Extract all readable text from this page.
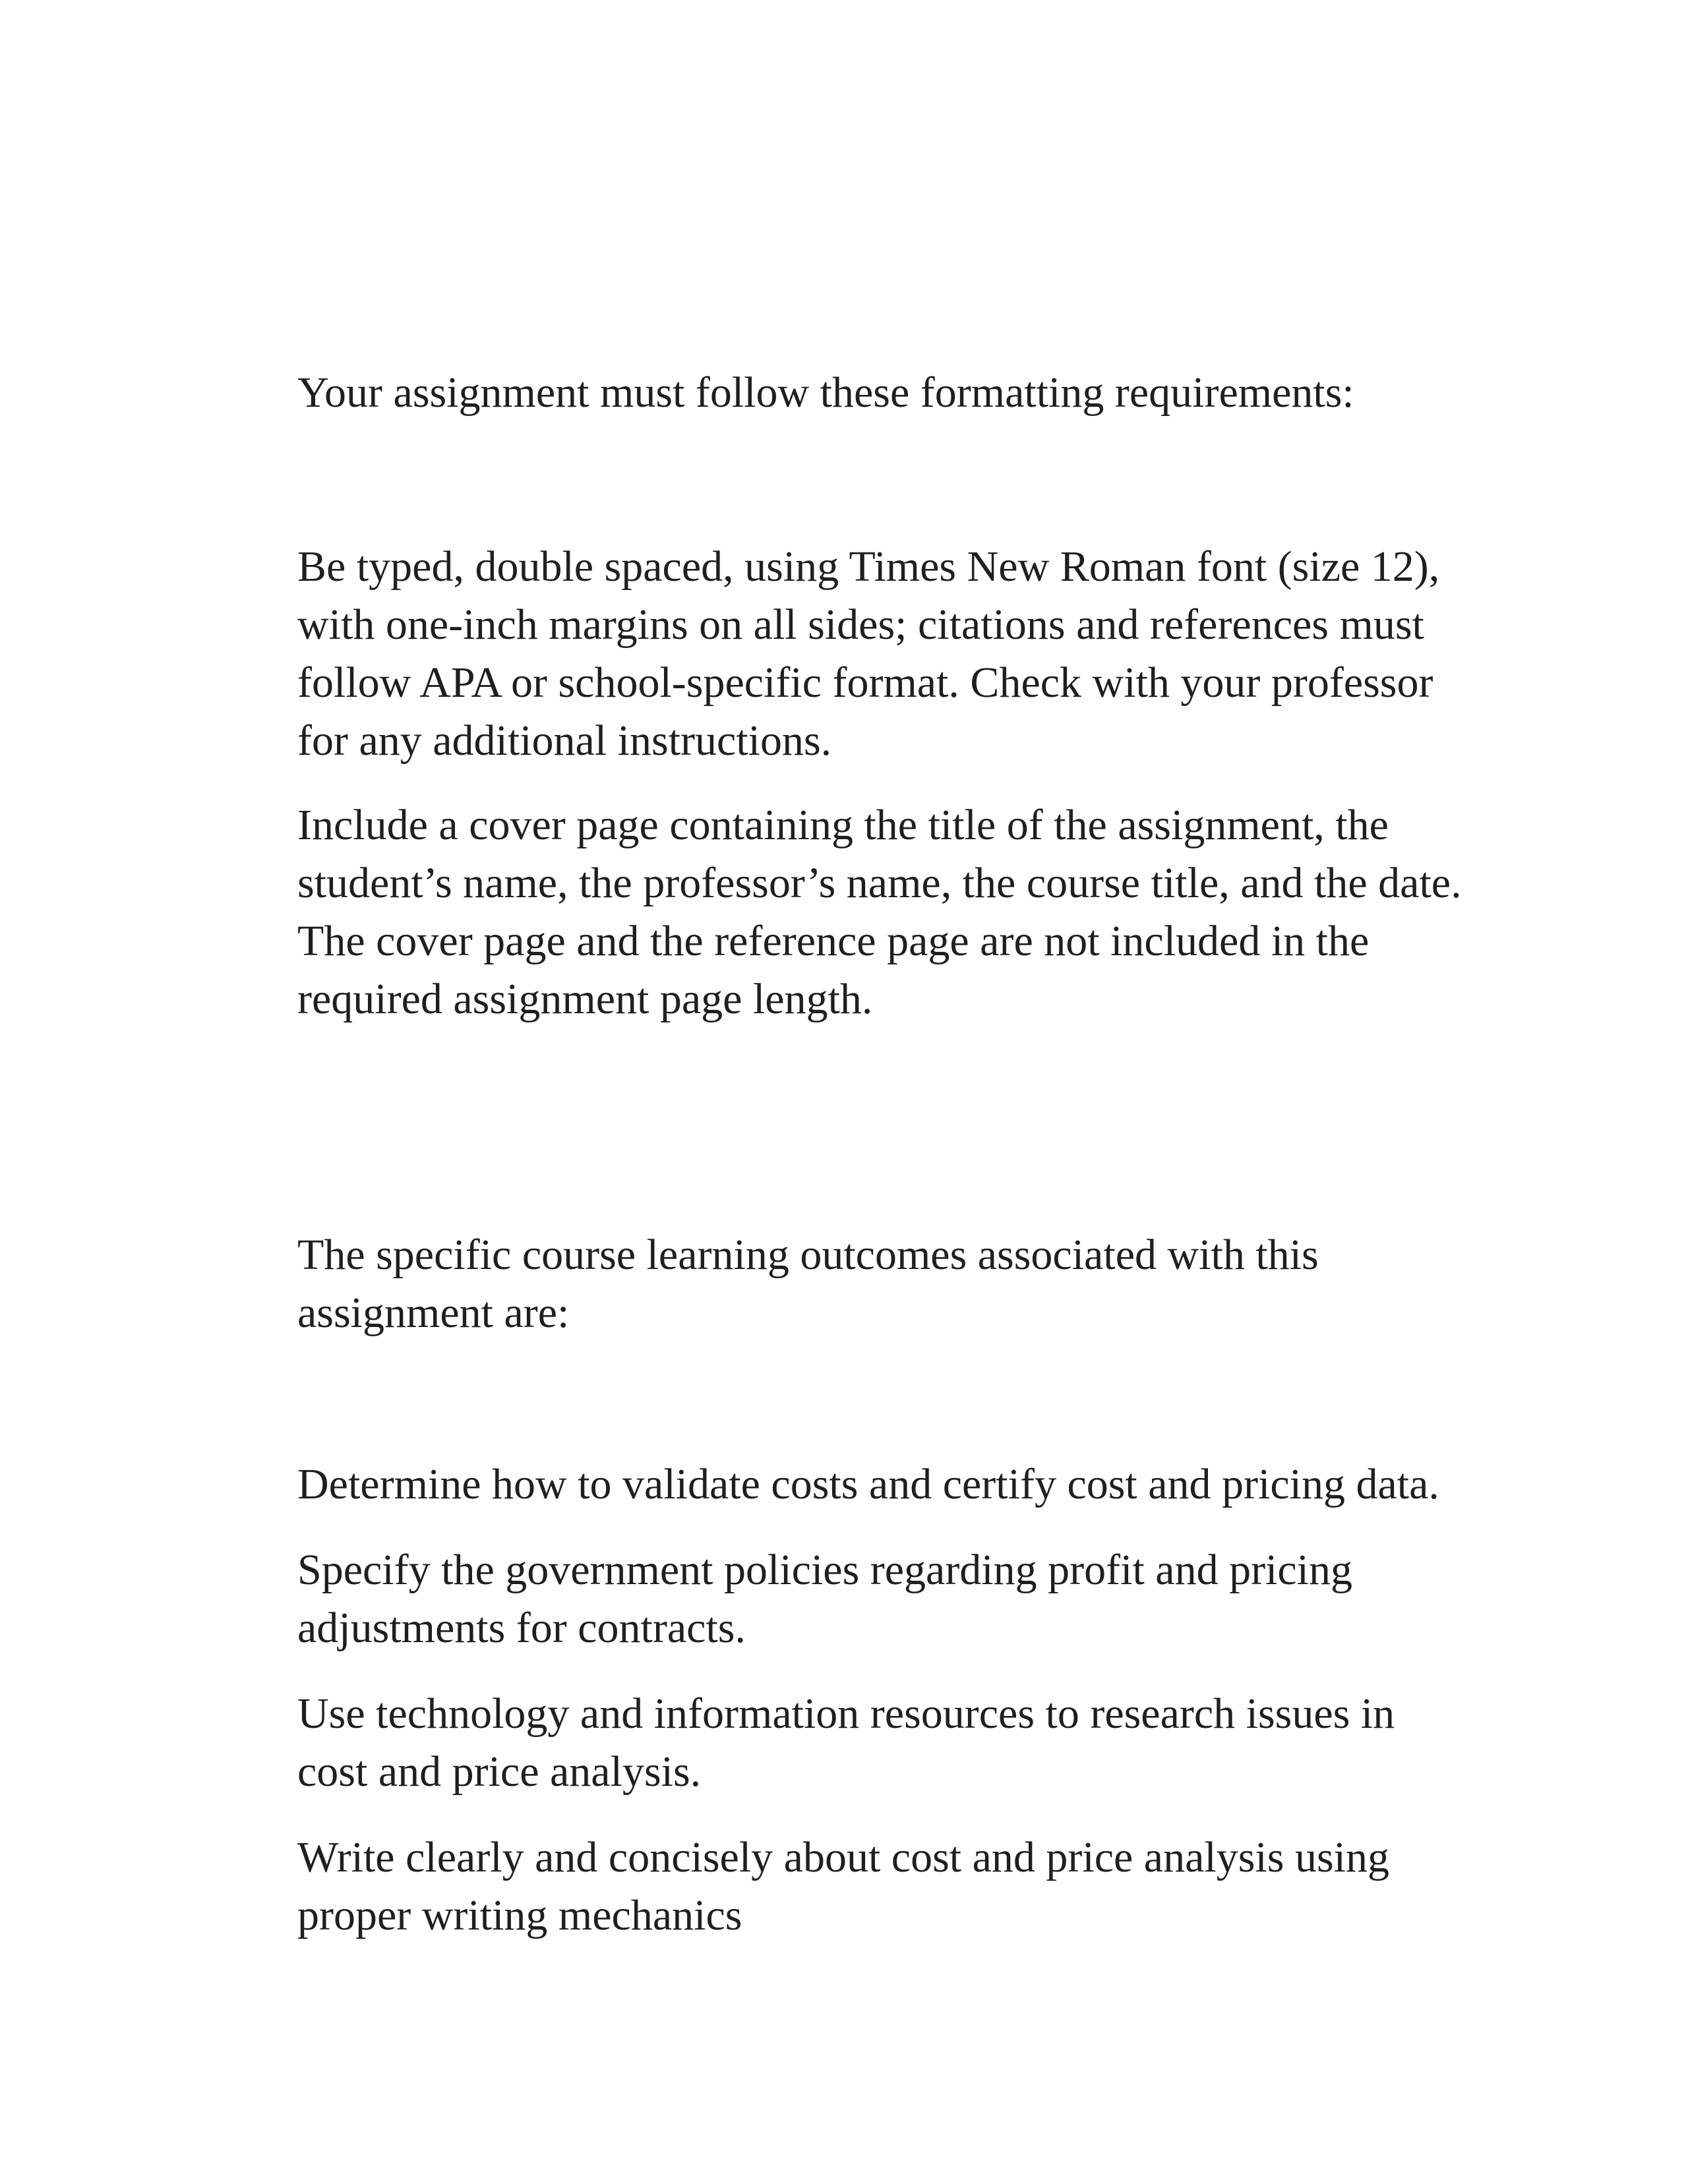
Your assignment must follow these formatting requirements:

Be typed, double spaced, using Times New Roman font (size 12),
with one-inch margins on all sides; citations and references must
follow APA or school-specific format. Check with your professor
for any additional instructions.

Include a cover page containing the title of the assignment, the
student’s name, the professor’s name, the course title, and the date.
The cover page and the reference page are not included in the
required assignment page length.

The specific course learning outcomes associated with this
assignment are:

Determine how to validate costs and certify cost and pricing data.

Specify the government policies regarding profit and pricing
adjustments for contracts.

Use technology and information resources to research issues in
cost and price analysis.

Write clearly and concisely about cost and price analysis using
proper writing mechanics
